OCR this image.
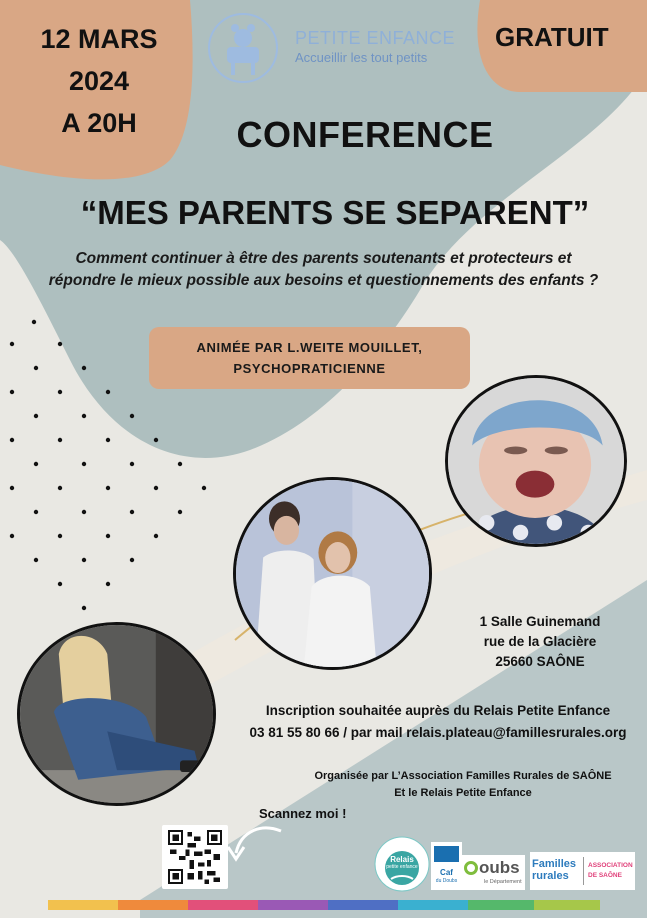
12 MARS
2024
A 20H
PETITE ENFANCE
Accueillir les tout petits
GRATUIT
CONFERENCE
“MES PARENTS SE SEPARENT”
Comment continuer à être des parents soutenants et protecteurs et
répondre le mieux possible aux besoins et questionnements des enfants ?
ANIMÉE PAR L.WEITE MOUILLET,
PSYCHOPRATICIENNE
1 Salle Guinemand
rue de la Glacière
25660 SAÔNE
Inscription souhaitée auprès du Relais Petite Enfance
03 81 55 80 66 / par mail relais.plateau@famillesrurales.org
Organisée par L’Association Familles Rurales de SAÔNE
Et le Relais Petite Enfance
Scannez moi !
Relais
petite enfance
Caf
du Doubs
oubs
le Département
Familles
rurales
ASSOCIATION
DE SAÔNE
